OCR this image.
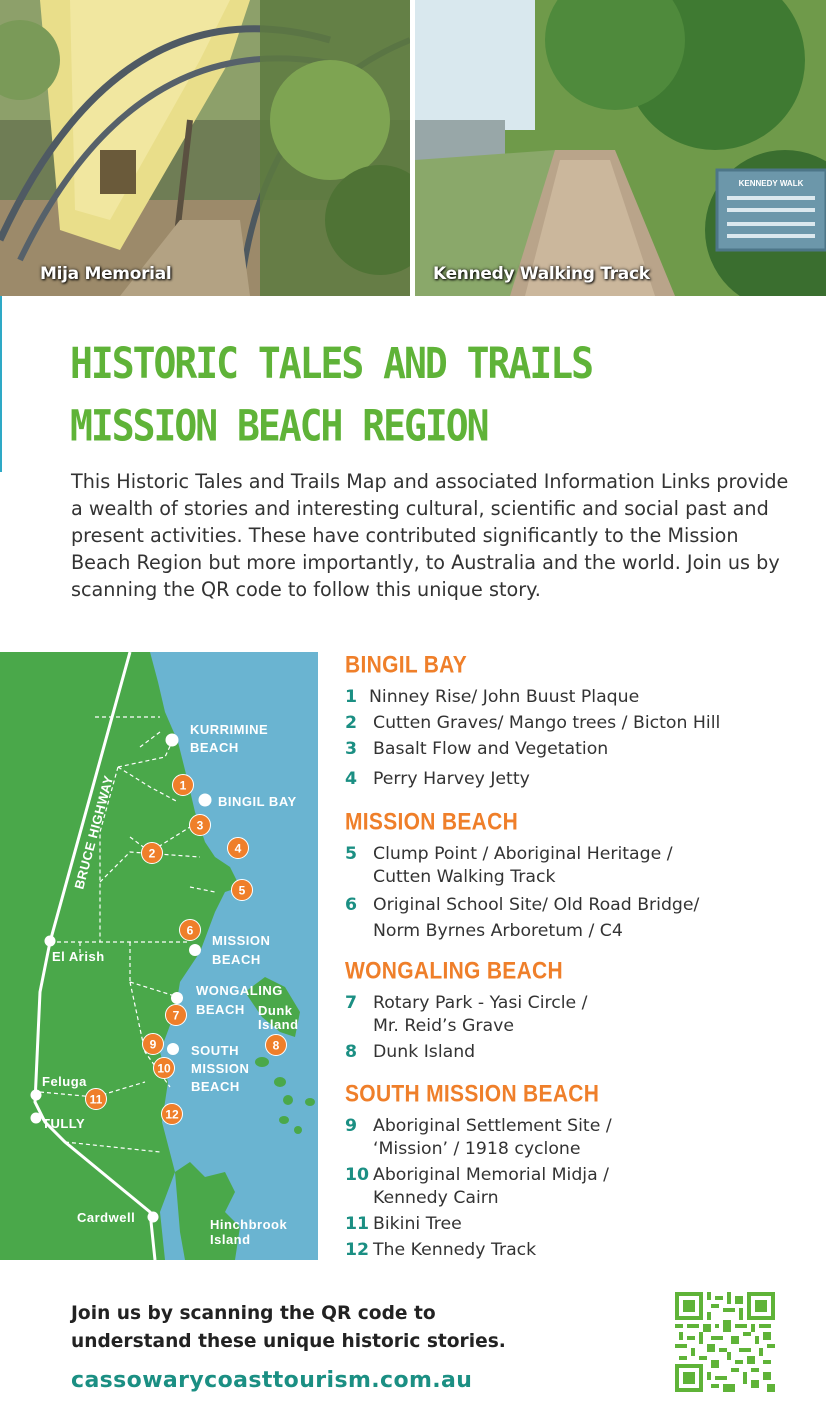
Mija Memorial
KENNEDY WALK
Kennedy Walking Track
HISTORIC TALES AND TRAILS
MISSION BEACH REGION
This Historic Tales and Trails Map and associated Information Links provide a wealth of stories and interesting cultural, scientific and social past and present activities. These have contributed significantly to the Mission Beach Region but more importantly, to Australia and the world. Join us by scanning the QR code to follow this unique story.
BRUCE HIGHWAY
KURRIMINE
BEACH
BINGIL BAY
MISSION
BEACH
WONGALING
BEACH
SOUTH
MISSION
BEACH
Dunk
Island
El Arish
Feluga
TULLY
Cardwell	Hinchbrook
Island
1
2
3
4
5
6
7
8
9
10
11
12
BINGIL BAY
1 Ninney Rise/ John Buust Plaque
2 Cutten Graves/ Mango trees / Bicton Hill
3 Basalt Flow and Vegetation
4 Perry Harvey Jetty
MISSION BEACH
5 Clump Point / Aboriginal Heritage /
Cutten Walking Track
6 Original School Site/ Old Road Bridge/
Norm Byrnes Arboretum / C4
WONGALING BEACH
7 Rotary Park - Yasi Circle /
Mr. Reid’s Grave
8 Dunk Island
SOUTH MISSION BEACH
9 Aboriginal Settlement Site /
‘Mission’ / 1918 cyclone
10 Aboriginal Memorial Midja /
Kennedy Cairn
11 Bikini Tree
12 The Kennedy Track
Join us by scanning the QR code to
understand these unique historic stories.
cassowarycoasttourism.com.au
